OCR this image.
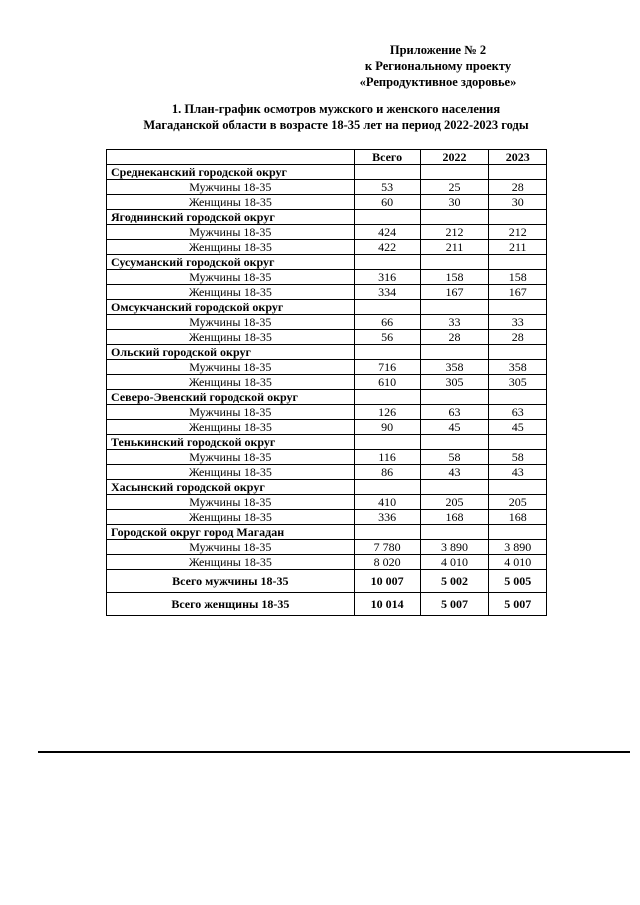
Приложение № 2
к Региональному проекту
«Репродуктивное здоровье»
1. План-график осмотров мужского и женского населения
Магаданской области в возрасте 18-35 лет на период 2022-2023 годы
	Всего	2022	2023
Среднеканский городской округ			
Мужчины 18-35	53	25	28
Женщины 18-35	60	30	30
Ягоднинский городской округ			
Мужчины 18-35	424	212	212
Женщины 18-35	422	211	211
Сусуманский городской округ			
Мужчины 18-35	316	158	158
Женщины 18-35	334	167	167
Омсукчанский городской округ			
Мужчины 18-35	66	33	33
Женщины 18-35	56	28	28
Ольский городской округ			
Мужчины 18-35	716	358	358
Женщины 18-35	610	305	305
Северо-Эвенский городской округ			
Мужчины 18-35	126	63	63
Женщины 18-35	90	45	45
Тенькинский городской округ			
Мужчины 18-35	116	58	58
Женщины 18-35	86	43	43
Хасынский городской округ			
Мужчины 18-35	410	205	205
Женщины 18-35	336	168	168
Городской округ город Магадан			
Мужчины 18-35	7 780	3 890	3 890
Женщины 18-35	8 020	4 010	4 010
Всего мужчины 18-35	10 007	5 002	5 005
Всего женщины 18-35	10 014	5 007	5 007
